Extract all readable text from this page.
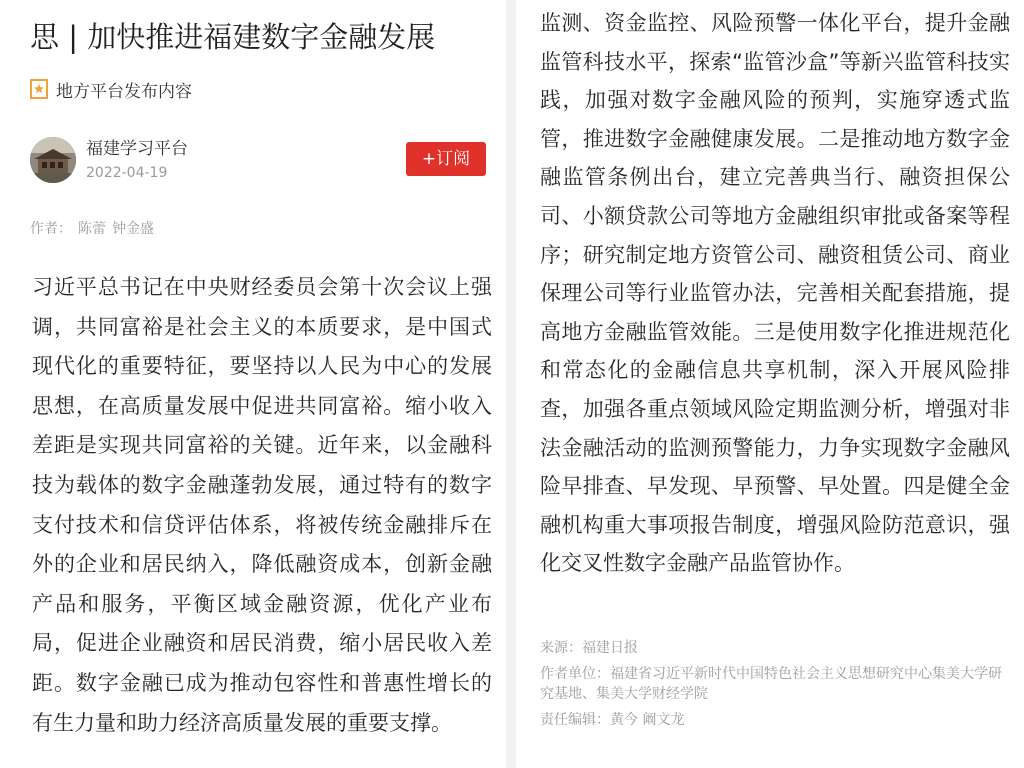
思 | 加快推进福建数字金融发展
地方平台发布内容
福建学习平台
2022-04-19
+订阅
作者： 陈蕾 钟金盛
习近平总书记在中央财经委员会第十次会议上强调，共同富裕是社会主义的本质要求，是中国式现代化的重要特征，要坚持以人民为中心的发展思想，在高质量发展中促进共同富裕。缩小收入差距是实现共同富裕的关键。近年来，以金融科技为载体的数字金融蓬勃发展，通过特有的数字支付技术和信贷评估体系，将被传统金融排斥在外的企业和居民纳入，降低融资成本，创新金融产品和服务，平衡区域金融资源，优化产业布局，促进企业融资和居民消费，缩小居民收入差距。数字金融已成为推动包容性和普惠性增长的有生力量和助力经济高质量发展的重要支撑。
监测、资金监控、风险预警一体化平台，提升金融监管科技水平，探索“监管沙盒”等新兴监管科技实践，加强对数字金融风险的预判，实施穿透式监管，推进数字金融健康发展。二是推动地方数字金融监管条例出台，建立完善典当行、融资担保公司、小额贷款公司等地方金融组织审批或备案等程序；研究制定地方资管公司、融资租赁公司、商业保理公司等行业监管办法，完善相关配套措施，提高地方金融监管效能。三是使用数字化推进规范化和常态化的金融信息共享机制，深入开展风险排查，加强各重点领域风险定期监测分析，增强对非法金融活动的监测预警能力，力争实现数字金融风险早排查、早发现、早预警、早处置。四是健全金融机构重大事项报告制度，增强风险防范意识，强化交叉性数字金融产品监管协作。
来源：福建日报
作者单位：福建省习近平新时代中国特色社会主义思想研究中心集美大学研究基地、集美大学财经学院
责任编辑：黄今 阚文龙
